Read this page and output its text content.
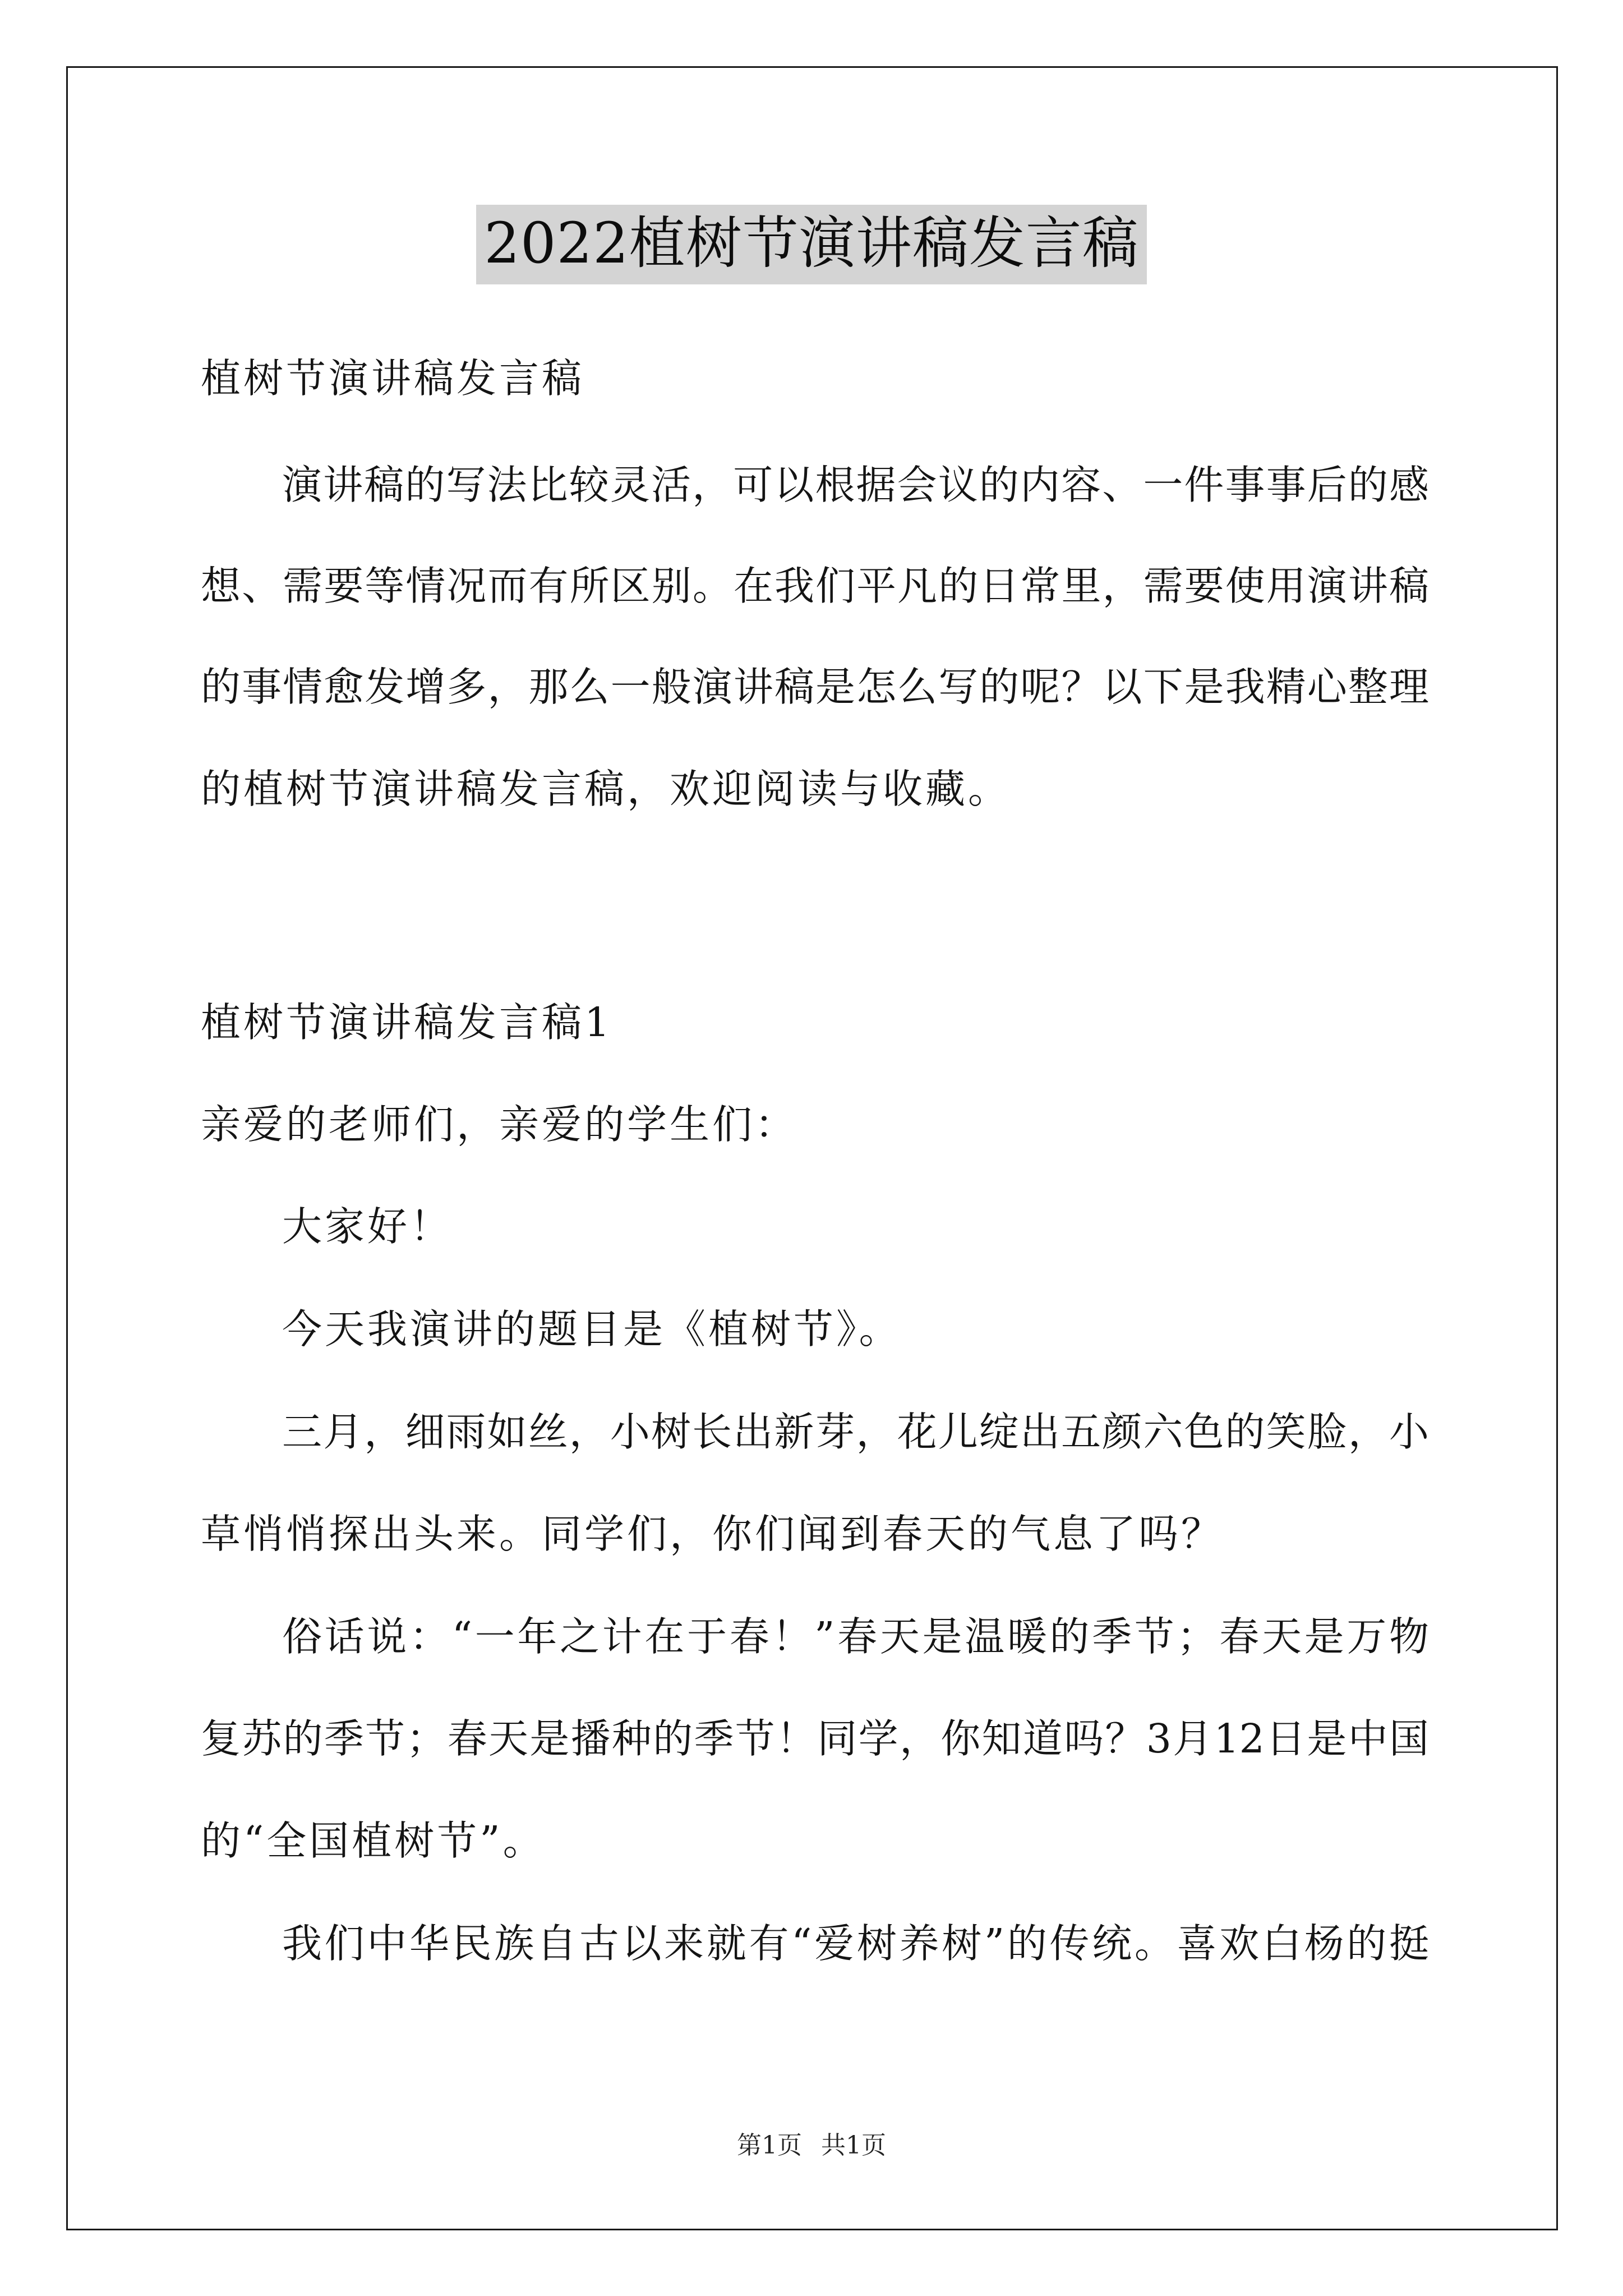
2022植树节演讲稿发言稿
植树节演讲稿发言稿
演讲稿的写法比较灵活，可以根据会议的内容、一件事事后的感
想、需要等情况而有所区别。在我们平凡的日常里，需要使用演讲稿
的事情愈发增多，那么一般演讲稿是怎么写的呢？以下是我精心整理
的植树节演讲稿发言稿，欢迎阅读与收藏。
植树节演讲稿发言稿1
亲爱的老师们，亲爱的学生们：
大家好！
今天我演讲的题目是《植树节》。
三月，细雨如丝，小树长出新芽，花儿绽出五颜六色的笑脸，小
草悄悄探出头来。同学们，你们闻到春天的气息了吗？
俗话说：“一年之计在于春！”春天是温暖的季节；春天是万物
复苏的季节；春天是播种的季节！同学，你知道吗？3月12日是中国
的“全国植树节”。
我们中华民族自古以来就有“爱树养树”的传统。喜欢白杨的挺
第1页 共1页
